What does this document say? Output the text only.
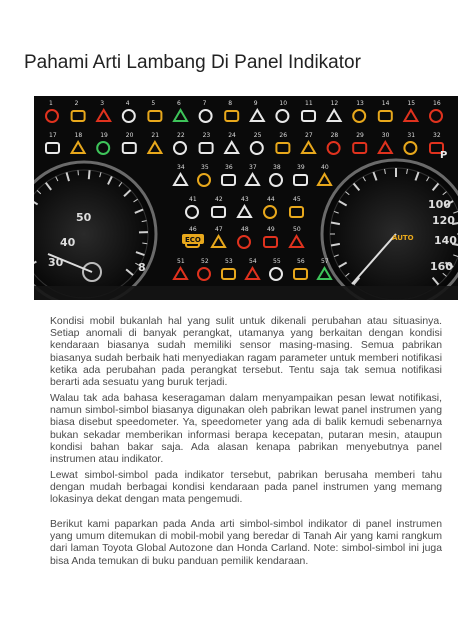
Pahami Arti Lambang Di Panel Indikator
50
40
30	8
100
120
140
160
1	2	3	4	5	6	7	8	9	10	11	12	13	14	15	16
17	18	19	20	21	22	23	24	25	26	27	28	29	30	31	32
34	35	36	37	38	39	40
41	42	43	44	45
46	47	48	49	50
51	52	53	54	55	56	57
ECO	AUTO
P
Kondisi mobil bukanlah hal yang sulit untuk dikenali perubahan atau situasinya. Setiap anomali di banyak perangkat, utamanya yang berkaitan dengan kondisi kendaraan biasanya sudah memiliki sensor masing-masing. Semua pabrikan biasanya sudah berbaik hati menyediakan ragam parameter untuk memberi notifikasi ketika ada perubahan pada perangkat tersebut. Tentu saja tak semua notifikasi berarti ada sesuatu yang buruk terjadi.
Walau tak ada bahasa keseragaman dalam menyampaikan pesan lewat notifikasi, namun simbol-simbol biasanya digunakan oleh pabrikan lewat panel instrumen yang biasa disebut speedometer. Ya, speedometer yang ada di balik kemudi sebenarnya bukan sekadar memberikan informasi berapa kecepatan, putaran mesin, ataupun kondisi bahan bakar saja. Ada alasan kenapa pabrikan menyebutnya panel instrumen atau indikator.
Lewat simbol-simbol pada indikator tersebut, pabrikan berusaha memberi tahu dengan mudah berbagai kondisi kendaraan pada panel instrumen yang memang lokasinya dekat dengan mata pengemudi.
Berikut kami paparkan pada Anda arti simbol-simbol indikator di panel instrumen yang umum ditemukan di mobil-mobil yang beredar di Tanah Air yang kami rangkum dari laman Toyota Global Autozone dan Honda Carland. Note: simbol-simbol ini juga bisa Anda temukan di buku panduan pemilik kendaraan.
